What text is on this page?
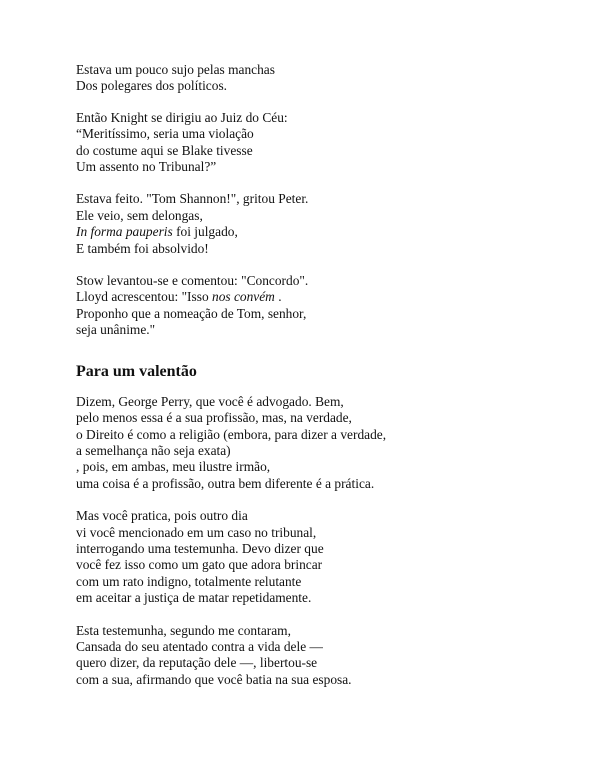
Estava um pouco sujo pelas manchas
Dos polegares dos políticos.
Então Knight se dirigiu ao Juiz do Céu:
“Meritíssimo, seria uma violação
do costume aqui se Blake tivesse
Um assento no Tribunal?”
Estava feito. "Tom Shannon!", gritou Peter.
Ele veio, sem delongas,
In forma pauperis foi julgado,
E também foi absolvido!
Stow levantou-se e comentou: "Concordo".
Lloyd acrescentou: "Isso nos convém .
Proponho que a nomeação de Tom, senhor,
seja unânime."
Para um valentão
Dizem, George Perry, que você é advogado. Bem,
pelo menos essa é a sua profissão, mas, na verdade,
o Direito é como a religião (embora, para dizer a verdade,
a semelhança não seja exata)
, pois, em ambas, meu ilustre irmão,
uma coisa é a profissão, outra bem diferente é a prática.
Mas você pratica, pois outro dia
vi você mencionado em um caso no tribunal,
interrogando uma testemunha. Devo dizer que
você fez isso como um gato que adora brincar
com um rato indigno, totalmente relutante
em aceitar a justiça de matar repetidamente.
Esta testemunha, segundo me contaram,
Cansada do seu atentado contra a vida dele —
quero dizer, da reputação dele —, libertou-se
com a sua, afirmando que você batia na sua esposa.
